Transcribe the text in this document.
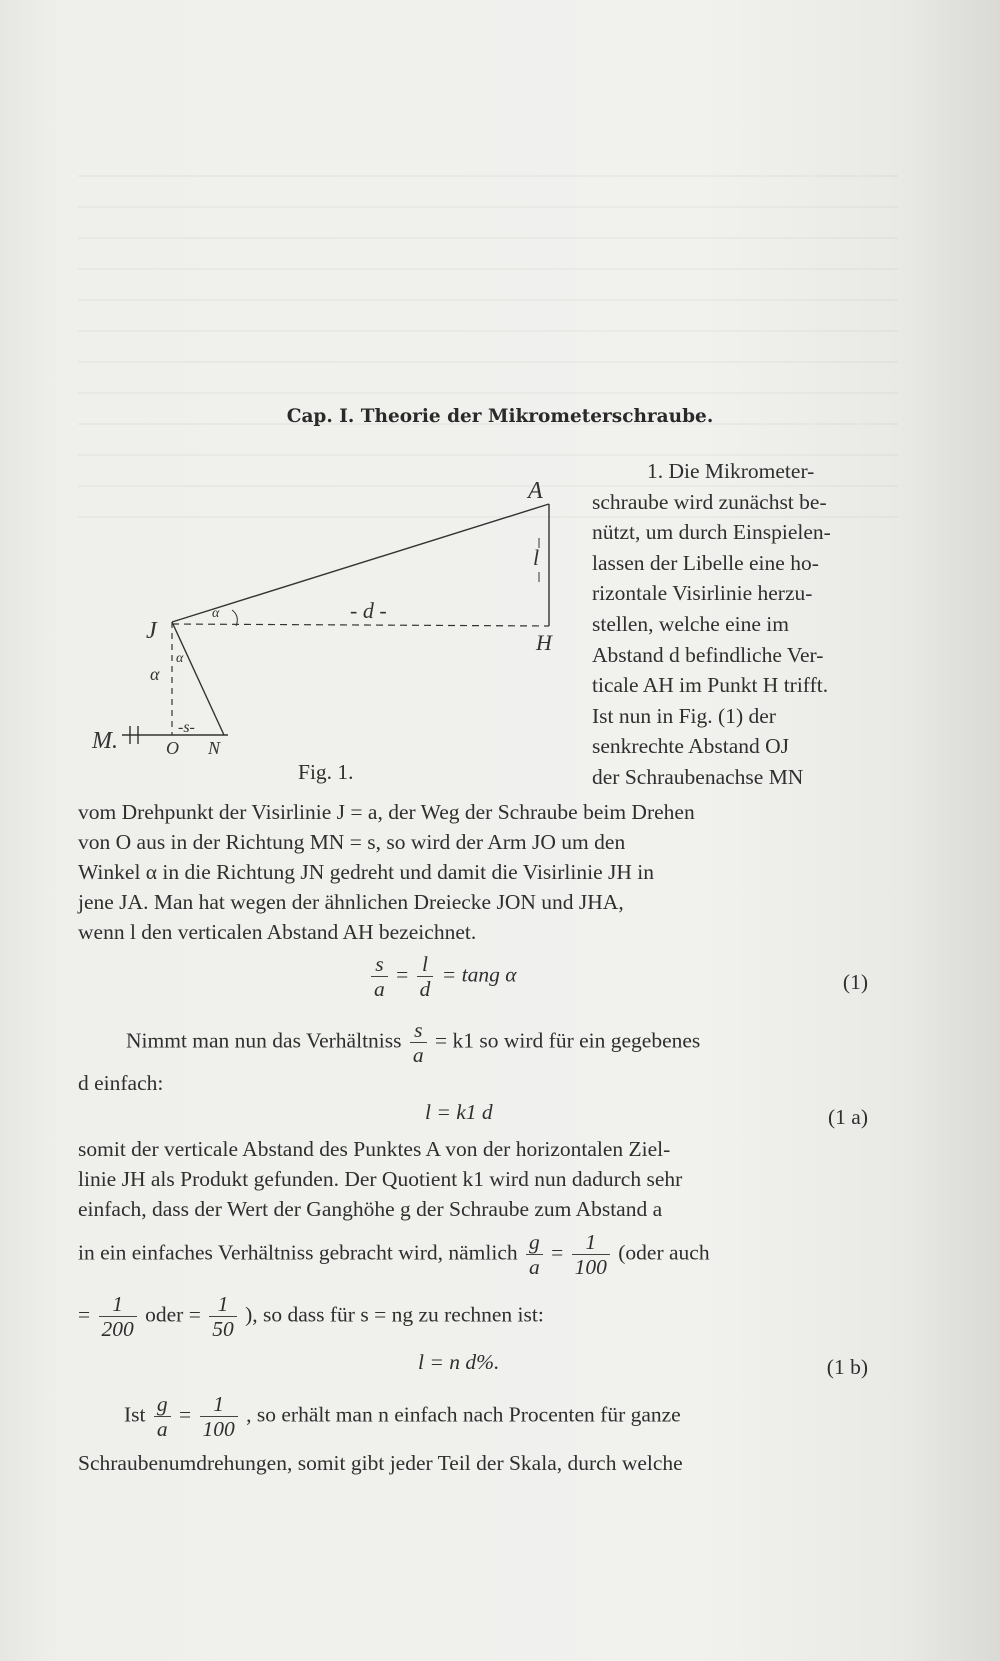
Cap. I. Theorie der Mikrometerschraube.
A
H
J
M.	O N
- d -
l
-s-
α
α
α
Fig. 1.
1. Die Mikrometer-
schraube wird zunächst be-
nützt, um durch Einspielen-
lassen der Libelle eine ho-
rizontale Visirlinie herzu-
stellen, welche eine im
Abstand d befindliche Ver-
ticale AH im Punkt H trifft.
Ist nun in Fig. (1) der
senkrechte Abstand OJ
der Schraubenachse MN
vom Drehpunkt der Visirlinie J = a, der Weg der Schraube beim Drehen
von O aus in der Richtung MN = s, so wird der Arm JO um den
Winkel α in die Richtung JN gedreht und damit die Visirlinie JH in
jene JA. Man hat wegen der ähnlichen Dreiecke JON und JHA,
wenn l den verticalen Abstand AH bezeichnet.
$\frac{s}{a} = \frac{l}{d} = \tan g$ α	(1)
Nimmt man nun das Verhältniss $\frac{s}{a} = k1$ so wird für ein gegebenes
d einfach:
l = k1 d	(1 a)
somit der verticale Abstand des Punktes A von der horizontalen Ziel-
linie JH als Produkt gefunden. Der Quotient k1 wird nun dadurch sehr
einfach, dass der Wert der Ganghöhe g der Schraube zum Abstand a
in ein einfaches Verhältniss gebracht wird, nämlich $\frac{g}{a} = \frac{1}{100}$ (oder auch
= $\frac{1}{200}$ oder = $\frac{1}{50}$ ), so dass für s = ng zu rechnen ist:
l = n d%.	(1 b)
Ist $\frac{g}{a} = \frac{1}{100}$ , so erhält man n einfach nach Procenten für ganze
Schraubenumdrehungen, somit gibt jeder Teil der Skala, durch welche
